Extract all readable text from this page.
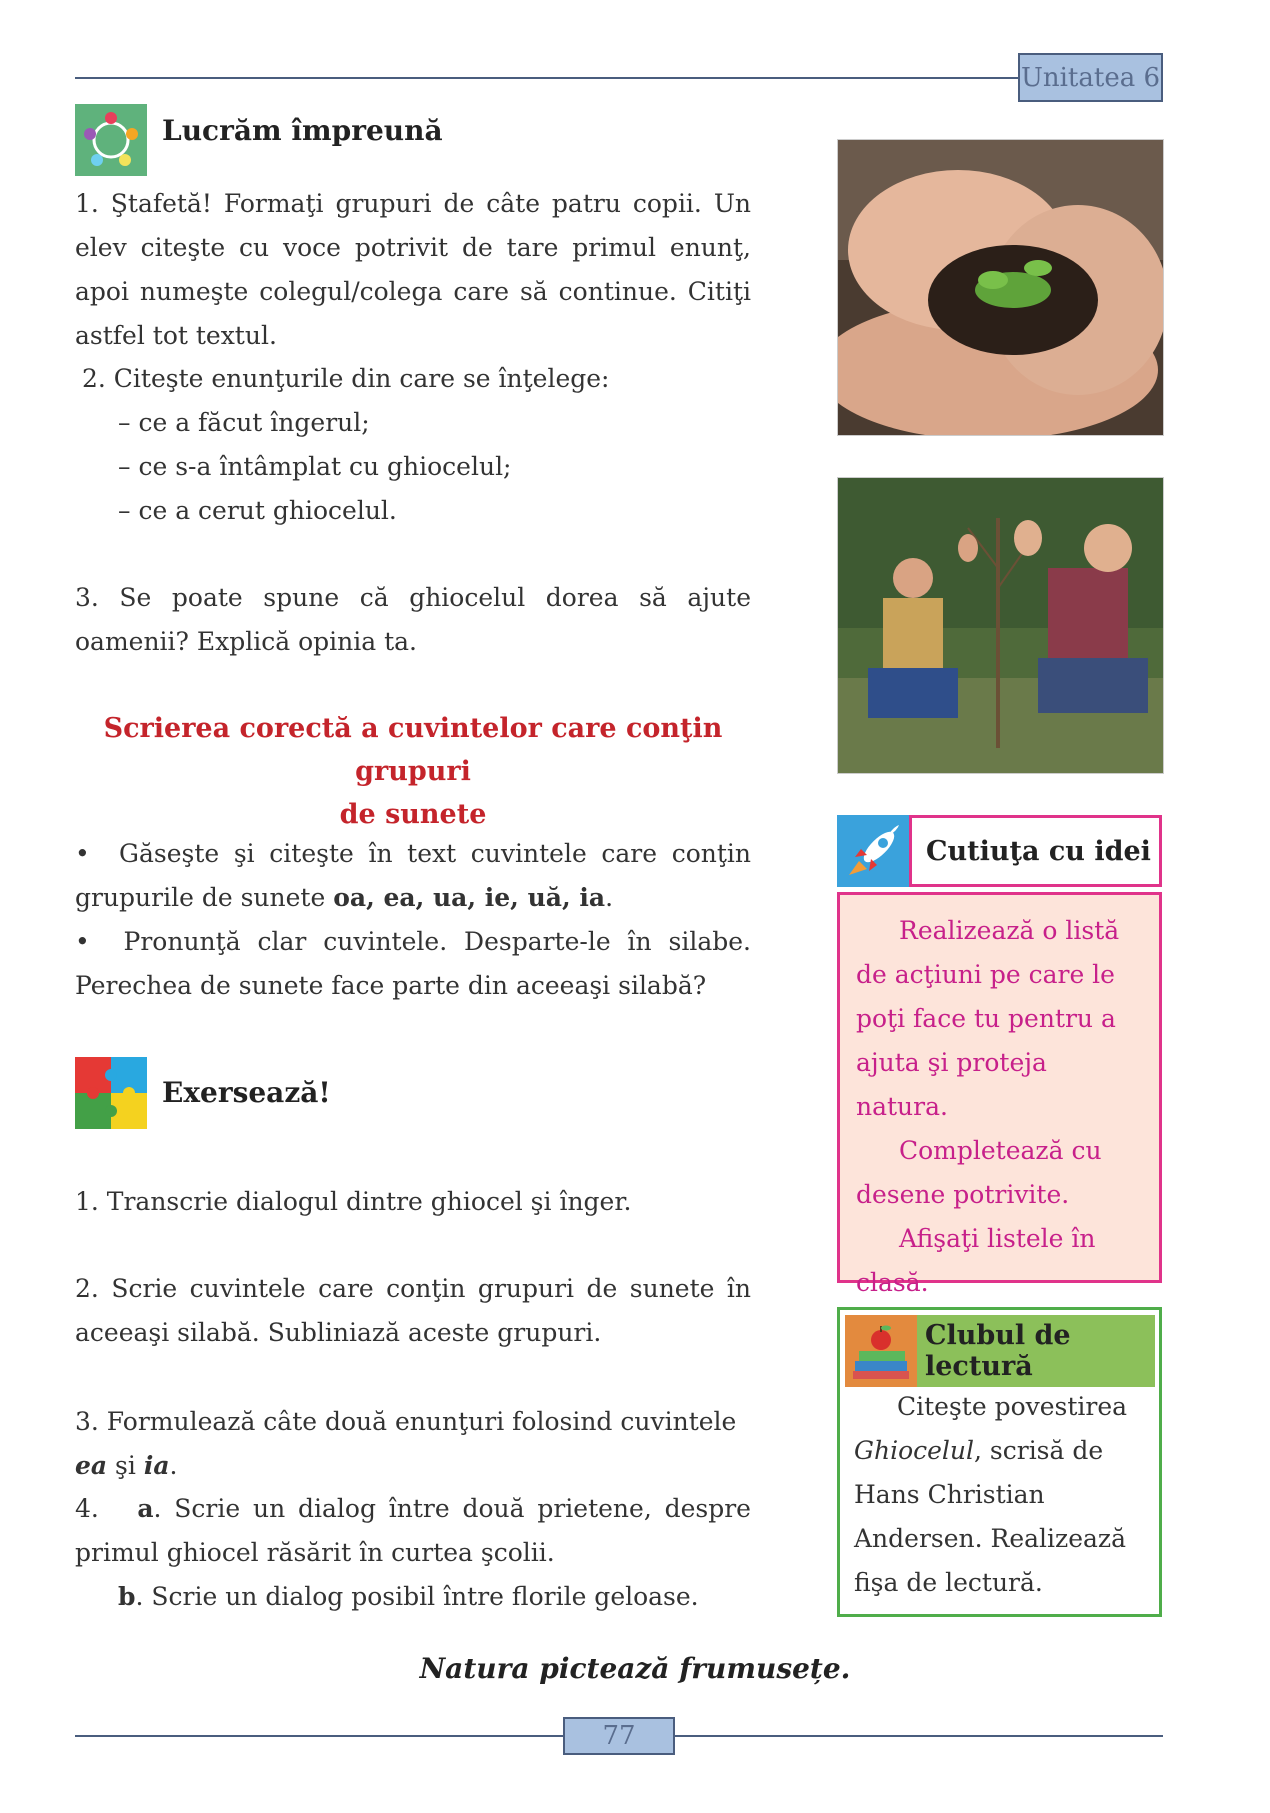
Unitatea 6
Lucrăm împreună
1. Ştafetă! Formaţi grupuri de câte patru copii. Un elev citeşte cu voce potrivit de tare primul enunţ, apoi numeşte colegul/colega care să continue. Citiţi astfel tot textul.
2. Citeşte enunţurile din care se înţelege:
– ce a făcut îngerul;
– ce s-a întâmplat cu ghiocelul;
– ce a cerut ghiocelul.
3. Se poate spune că ghiocelul dorea să ajute oamenii? Explică opinia ta.
Scrierea corectă a cuvintelor care conţin grupuri
de sunete
• Găseşte şi citeşte în text cuvintele care conţin grupurile de sunete oa, ea, ua, ie, uă, ia.
• Pronunţă clar cuvintele. Desparte-le în silabe. Perechea de sunete face parte din aceeaşi silabă?
Exersează!
1. Transcrie dialogul dintre ghiocel şi înger.
2. Scrie cuvintele care conţin grupuri de sunete în aceeaşi silabă. Subliniază aceste grupuri.
3. Formulează câte două enunţuri folosind cuvintele ea şi ia.
4.   a. Scrie un dialog între două prietene, despre primul ghiocel răsărit în curtea şcolii.
b. Scrie un dialog posibil între florile geloase.
Cutiuţa cu idei

Realizează o listă de acţiuni pe care le poţi face tu pentru a ajuta şi proteja natura.

Completează cu desene potrivite.

Afişaţi listele în clasă.

Clubul de lectură
Citeşte povestirea Ghiocelul, scrisă de Hans Christian Andersen. Realizează fişa de lectură.
Natura pictează frumusețe.
77
